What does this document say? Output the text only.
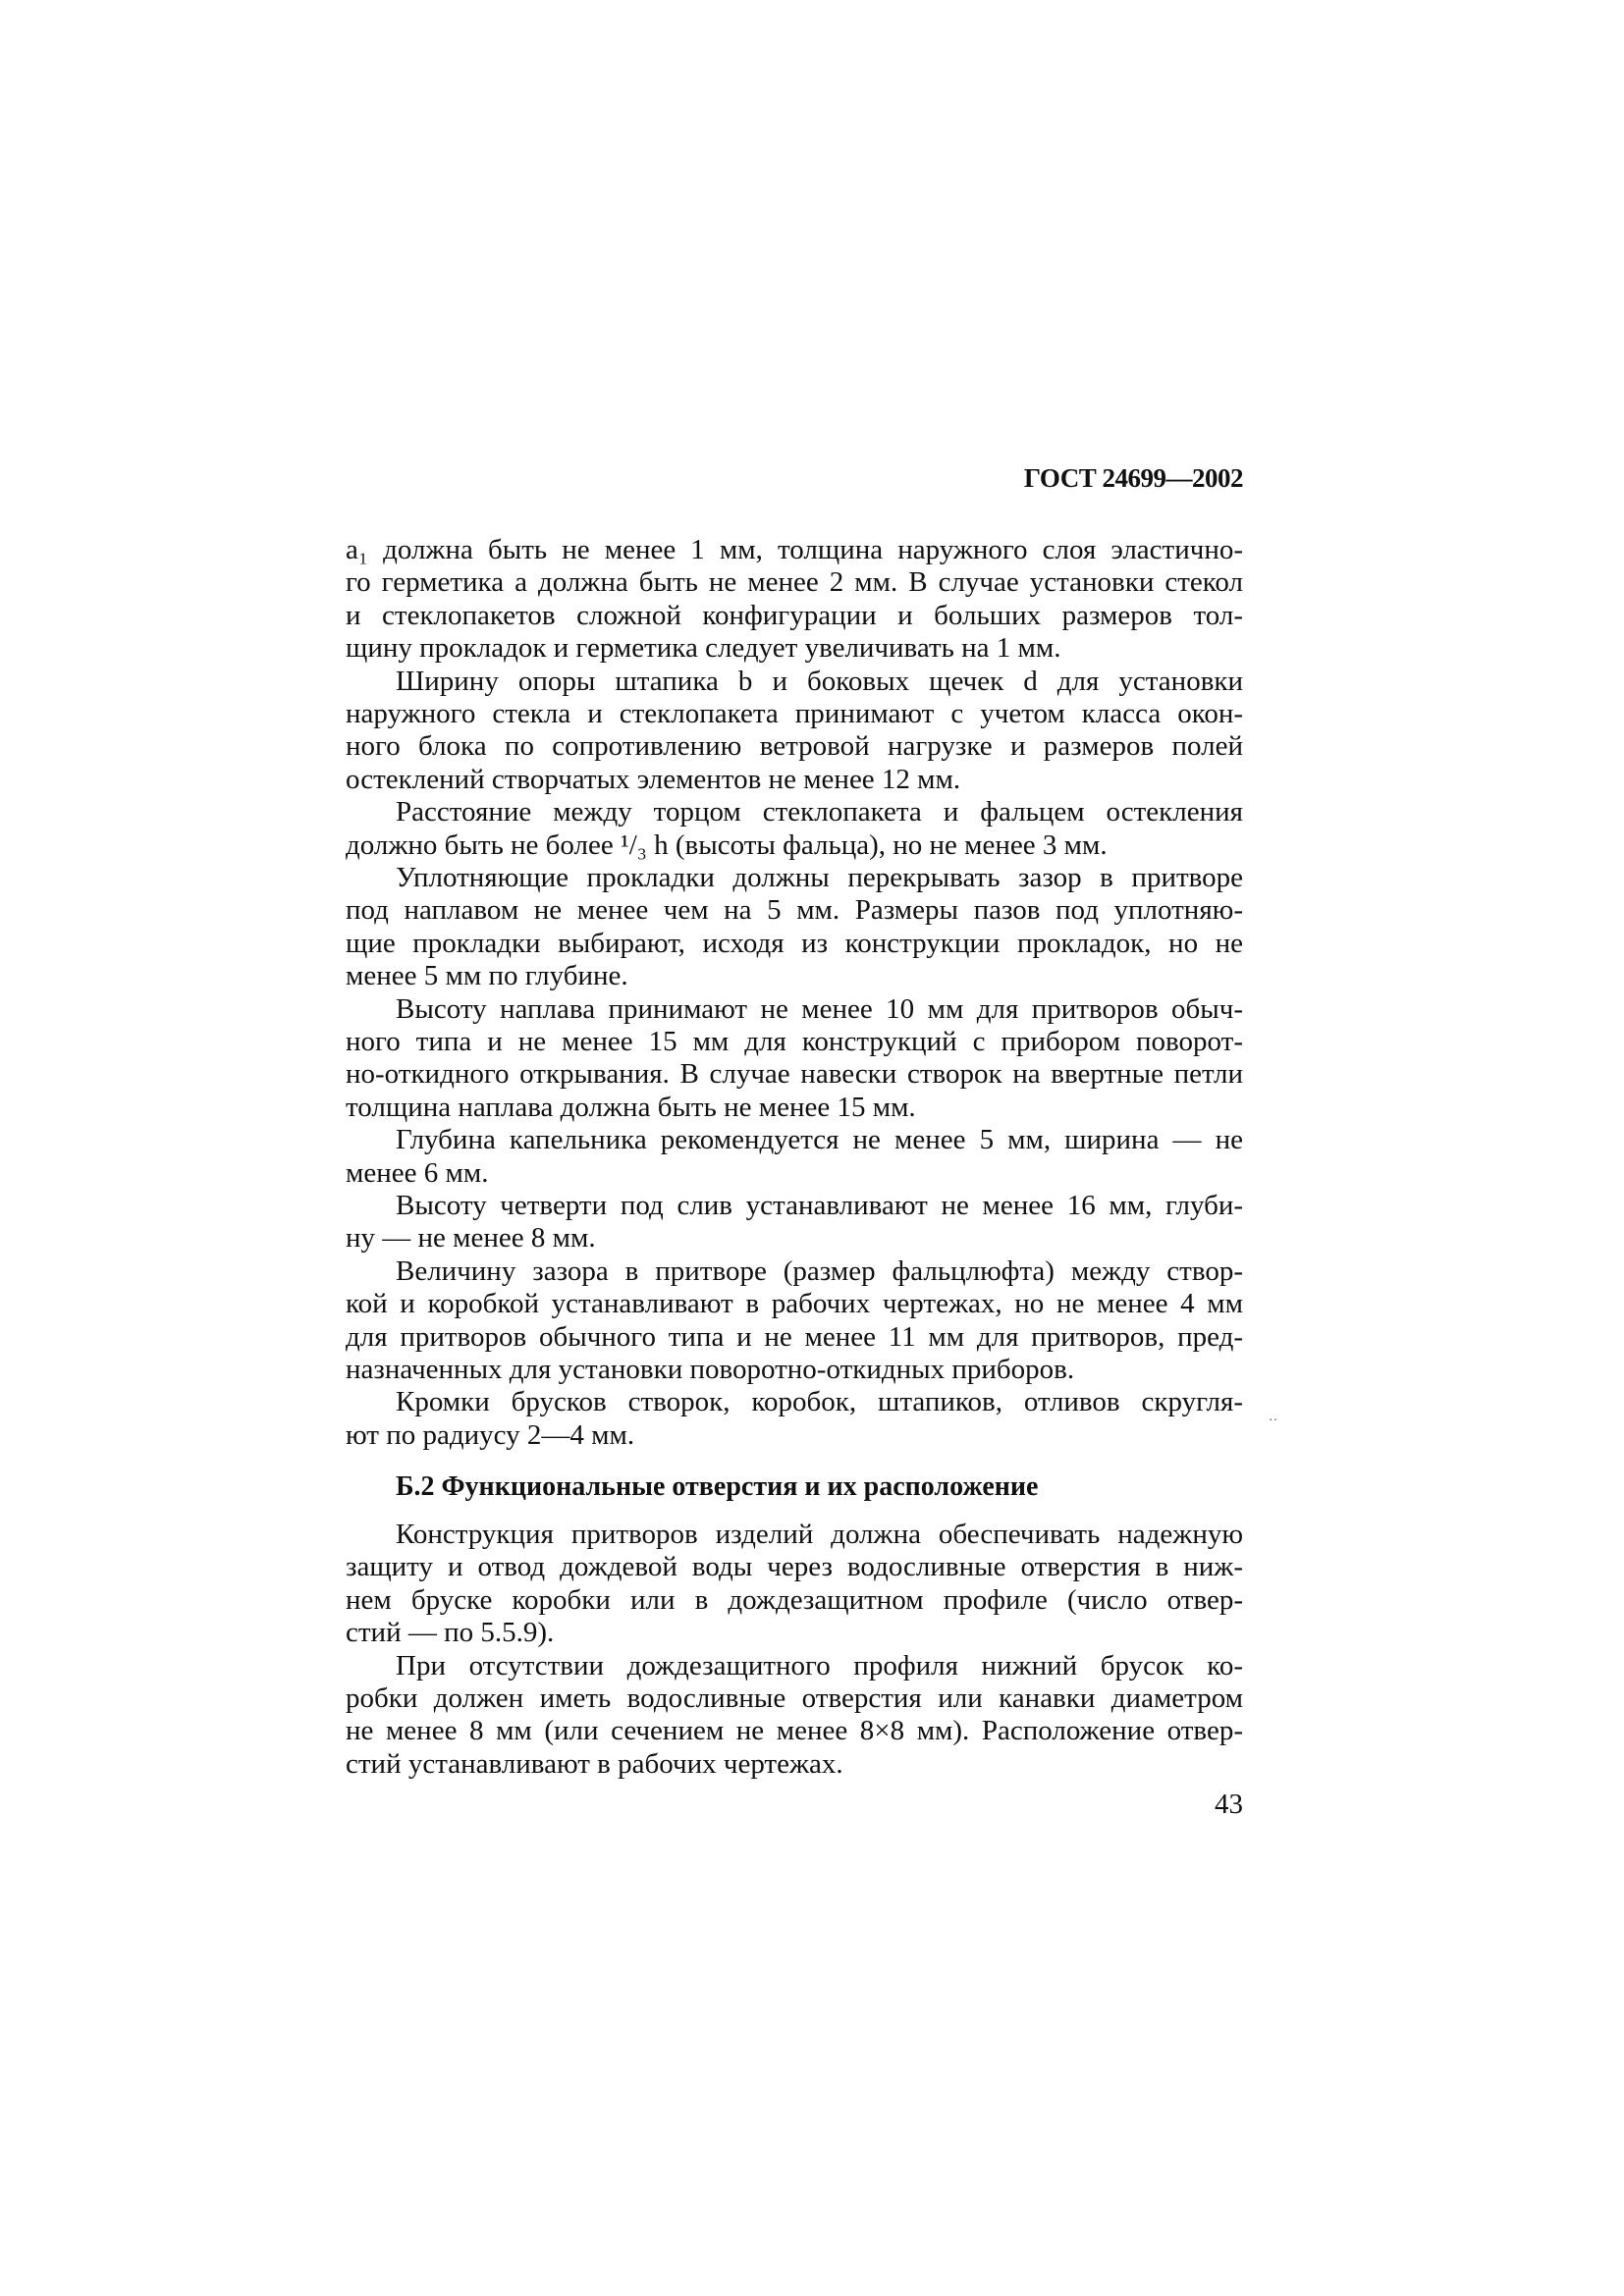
ГОСТ 24699—2002
a₁ должна быть не менее 1 мм, толщина наружного слоя эластично-
го герметика a должна быть не менее 2 мм. В случае установки стекол
и стеклопакетов сложной конфигурации и больших размеров тол-
щину прокладок и герметика следует увеличивать на 1 мм.
Ширину опоры штапика b и боковых щечек d для установки
наружного стекла и стеклопакета принимают с учетом класса окон-
ного блока по сопротивлению ветровой нагрузке и размеров полей
остеклений створчатых элементов не менее 12 мм.
Расстояние между торцом стеклопакета и фальцем остекления
должно быть не более ¹/₃ h (высоты фальца), но не менее 3 мм.
Уплотняющие прокладки должны перекрывать зазор в притворе
под наплавом не менее чем на 5 мм. Размеры пазов под уплотняю-
щие прокладки выбирают, исходя из конструкции прокладок, но не
менее 5 мм по глубине.
Высоту наплава принимают не менее 10 мм для притворов обыч-
ного типа и не менее 15 мм для конструкций с прибором поворот-
но-откидного открывания. В случае навески створок на ввертные петли
толщина наплава должна быть не менее 15 мм.
Глубина капельника рекомендуется не менее 5 мм, ширина — не
менее 6 мм.
Высоту четверти под слив устанавливают не менее 16 мм, глуби-
ну — не менее 8 мм.
Величину зазора в притворе (размер фальцлюфта) между створ-
кой и коробкой устанавливают в рабочих чертежах, но не менее 4 мм
для притворов обычного типа и не менее 11 мм для притворов, пред-
назначенных для установки поворотно-откидных приборов.
Кромки брусков створок, коробок, штапиков, отливов скругля-
ют по радиусу 2—4 мм.
Б.2 Функциональные отверстия и их расположение
Конструкция притворов изделий должна обеспечивать надежную
защиту и отвод дождевой воды через водосливные отверстия в ниж-
нем бруске коробки или в дождезащитном профиле (число отвер-
стий — по 5.5.9).
При отсутствии дождезащитного профиля нижний брусок ко-
робки должен иметь водосливные отверстия или канавки диаметром
не менее 8 мм (или сечением не менее 8×8 мм). Расположение отвер-
стий устанавливают в рабочих чертежах.
··
43
